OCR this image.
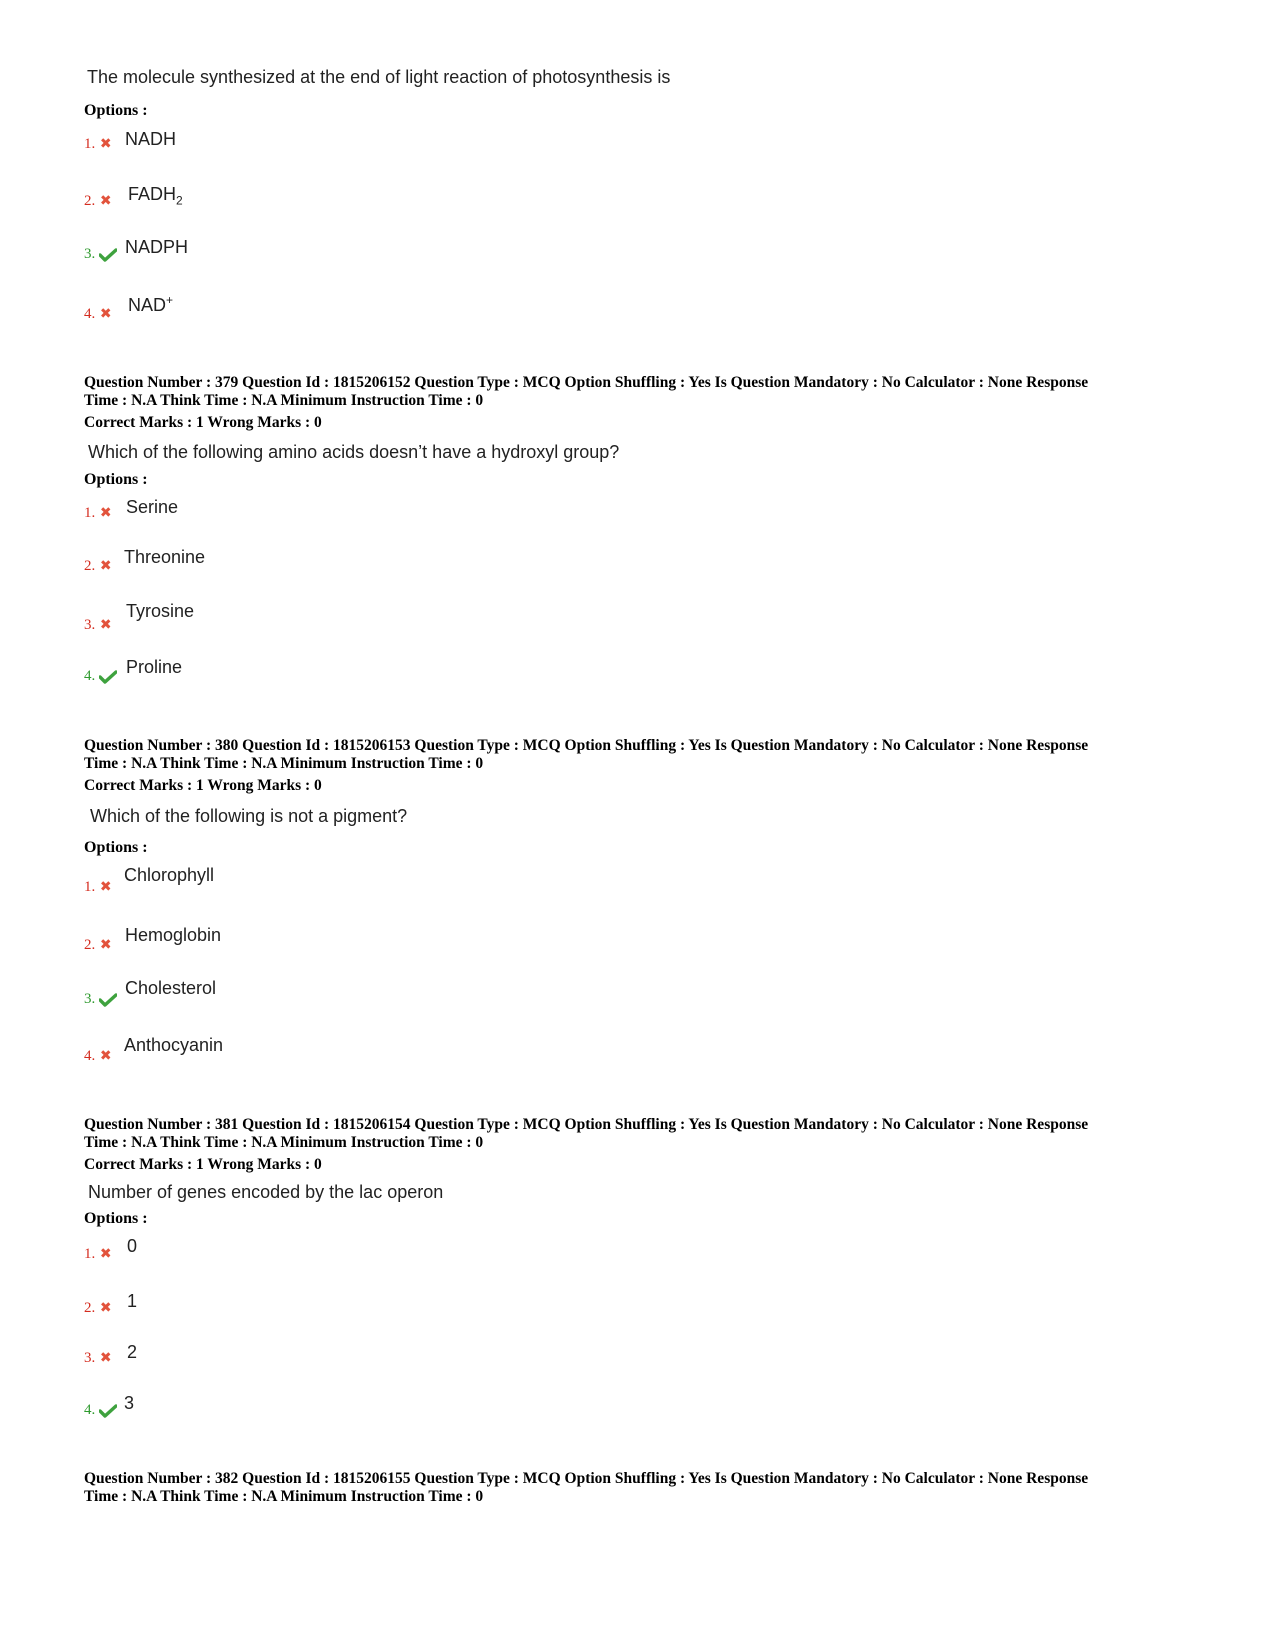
The molecule synthesized at the end of light reaction of photosynthesis is
Options :
1. ✖ NADH
2. ✖ $FADH_2$
3. NADPH
4. ✖ NAD+
Question Number : 379 Question Id : 1815206152 Question Type : MCQ Option Shuffling : Yes Is Question Mandatory : No Calculator : None Response
Time : N.A Think Time : N.A Minimum Instruction Time : 0
Correct Marks : 1 Wrong Marks : 0
Which of the following amino acids doesn’t have a hydroxyl group?
Options :
1. ✖ Serine
2. ✖ Threonine
3. ✖
Tyrosine
4. Proline
Question Number : 380 Question Id : 1815206153 Question Type : MCQ Option Shuffling : Yes Is Question Mandatory : No Calculator : None Response
Time : N.A Think Time : N.A Minimum Instruction Time : 0
Correct Marks : 1 Wrong Marks : 0
Which of the following is not a pigment?
Options :
1. ✖
Chlorophyll
2. ✖ Hemoglobin
3.
Cholesterol
4. ✖
Anthocyanin
Question Number : 381 Question Id : 1815206154 Question Type : MCQ Option Shuffling : Yes Is Question Mandatory : No Calculator : None Response
Time : N.A Think Time : N.A Minimum Instruction Time : 0
Correct Marks : 1 Wrong Marks : 0
Number of genes encoded by the lac operon
Options :
1. ✖ 0
2. ✖ 1
3. ✖ 2
4. 3
Question Number : 382 Question Id : 1815206155 Question Type : MCQ Option Shuffling : Yes Is Question Mandatory : No Calculator : None Response
Time : N.A Think Time : N.A Minimum Instruction Time : 0
